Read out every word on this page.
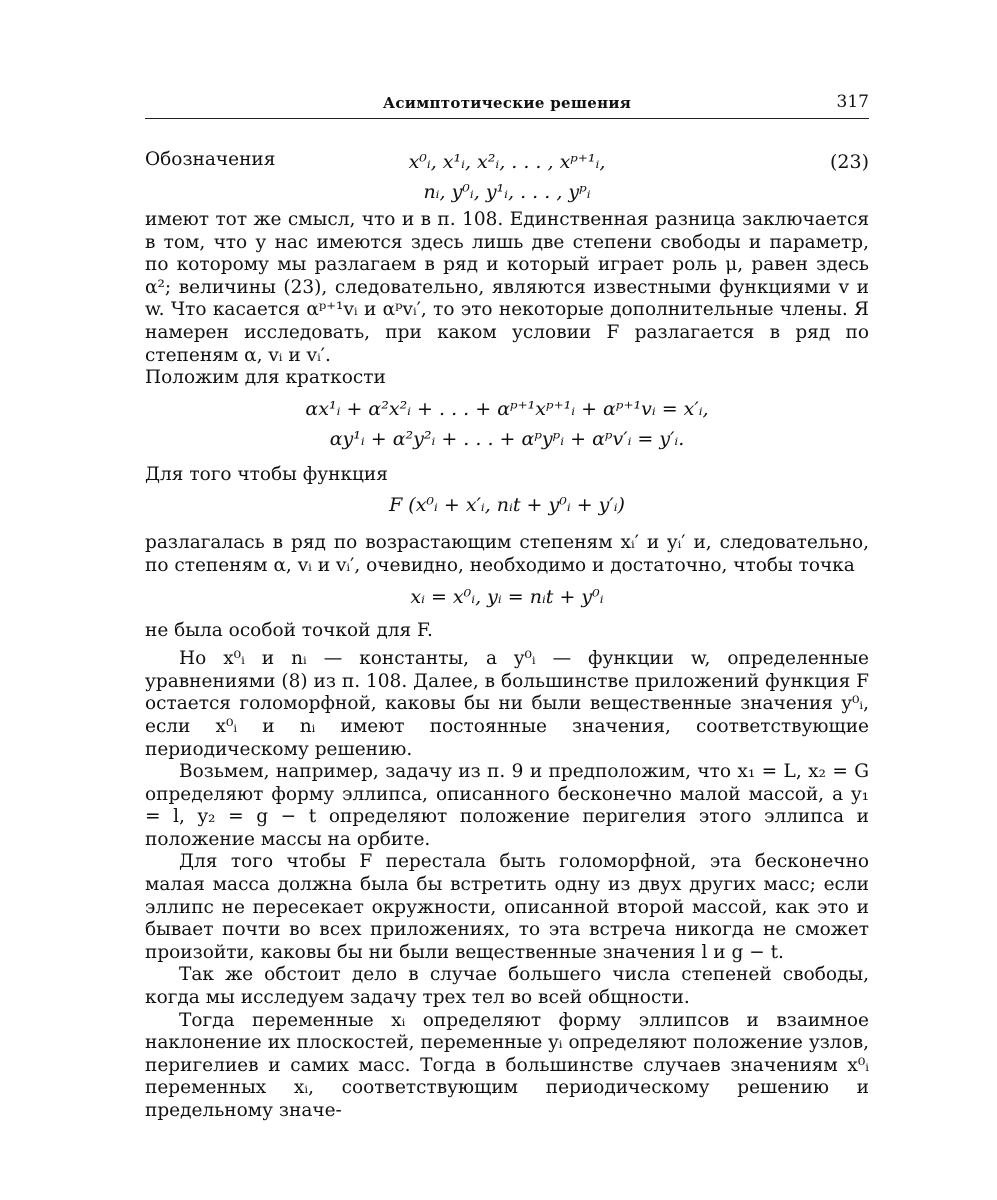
Асимптотические решения	317

Обозначения	x⁰ᵢ, x¹ᵢ, x²ᵢ, . . . , xᵖ⁺¹ᵢ,	(23)
nᵢ, y⁰ᵢ, y¹ᵢ, . . . , yᵖᵢ

имеют тот же смысл, что и в п. 108. Единственная разница заключается в том, что у нас имеются здесь лишь две степени свободы и параметр, по которому мы разлагаем в ряд и который играет роль μ, равен здесь α²; величины (23), следовательно, являются известными функциями v и w. Что касается αᵖ⁺¹vᵢ и αᵖvᵢ′, то это некоторые дополнительные члены. Я намерен исследовать, при каком условии F разлагается в ряд по степеням α, vᵢ и vᵢ′.

Положим для краткости

αx¹ᵢ + α²x²ᵢ + . . . + αᵖ⁺¹xᵖ⁺¹ᵢ + αᵖ⁺¹vᵢ = x′ᵢ,
αy¹ᵢ + α²y²ᵢ + . . . + αᵖyᵖᵢ + αᵖv′ᵢ = y′ᵢ.

Для того чтобы функция

F (x⁰ᵢ + x′ᵢ, nᵢt + y⁰ᵢ + y′ᵢ)

разлагалась в ряд по возрастающим степеням xᵢ′ и yᵢ′ и, следовательно, по степеням α, vᵢ и vᵢ′, очевидно, необходимо и достаточно, чтобы точка

xᵢ = x⁰ᵢ, yᵢ = nᵢt + y⁰ᵢ

не была особой точкой для F.

Но x⁰ᵢ и nᵢ — константы, а y⁰ᵢ — функции w, определенные уравнениями (8) из п. 108. Далее, в большинстве приложений функция F остается голоморфной, каковы бы ни были вещественные значения y⁰ᵢ, если x⁰ᵢ и nᵢ имеют постоянные значения, соответствующие периодическому решению.

Возьмем, например, задачу из п. 9 и предположим, что x₁ = L, x₂ = G определяют форму эллипса, описанного бесконечно малой массой, а y₁ = l, y₂ = g − t определяют положение перигелия этого эллипса и положение массы на орбите.

Для того чтобы F перестала быть голоморфной, эта бесконечно малая масса должна была бы встретить одну из двух других масс; если эллипс не пересекает окружности, описанной второй массой, как это и бывает почти во всех приложениях, то эта встреча никогда не сможет произойти, каковы бы ни были вещественные значения l и g − t.

Так же обстоит дело в случае большего числа степеней свободы, когда мы исследуем задачу трех тел во всей общности.

Тогда переменные xᵢ определяют форму эллипсов и взаимное наклонение их плоскостей, переменные yᵢ определяют положение узлов, перигелиев и самих масс. Тогда в большинстве случаев значениям x⁰ᵢ переменных xᵢ, соответствующим периодическому решению и предельному значе-
